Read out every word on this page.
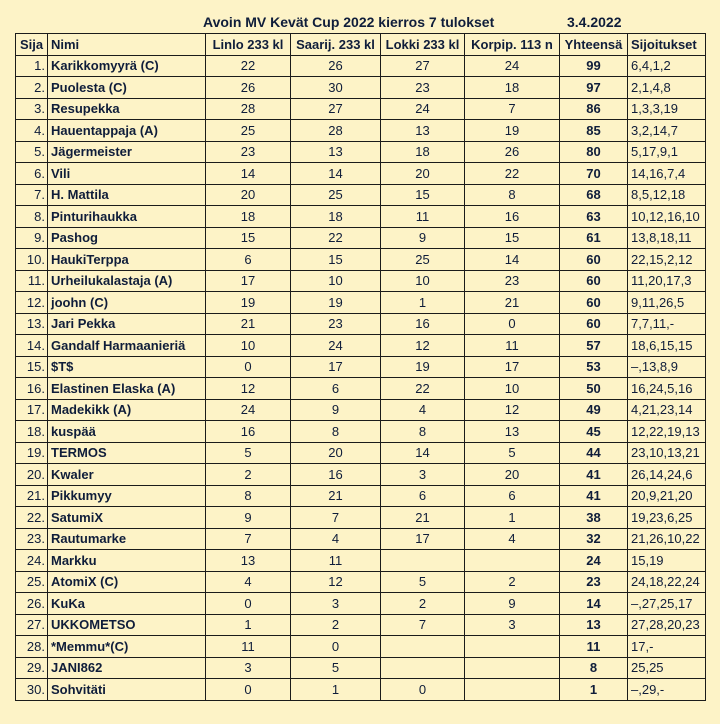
Avoin MV Kevät Cup 2022 kierros 7 tulokset	3.4.2022
Sija	Nimi	Linlo 233 kl	Saarij. 233 kl	Lokki 233 kl	Korpip. 113 n	Yhteensä	Sijoitukset
1.	Karikkomyyrä (C)	22	26	27	24	99	6,4,1,2
2.	Puolesta (C)	26	30	23	18	97	2,1,4,8
3.	Resupekka	28	27	24	7	86	1,3,3,19
4.	Hauentappaja (A)	25	28	13	19	85	3,2,14,7
5.	Jägermeister	23	13	18	26	80	5,17,9,1
6.	Vili	14	14	20	22	70	14,16,7,4
7.	H. Mattila	20	25	15	8	68	8,5,12,18
8.	Pinturihaukka	18	18	11	16	63	10,12,16,10
9.	Pashog	15	22	9	15	61	13,8,18,11
10.	HaukiTerppa	6	15	25	14	60	22,15,2,12
11.	Urheilukalastaja (A)	17	10	10	23	60	11,20,17,3
12.	joohn (C)	19	19	1	21	60	9,11,26,5
13.	Jari Pekka	21	23	16	0	60	7,7,11,-
14.	Gandalf Harmaanieriä	10	24	12	11	57	18,6,15,15
15.	$T$	0	17	19	17	53	–,13,8,9
16.	Elastinen Elaska (A)	12	6	22	10	50	16,24,5,16
17.	Madekikk (A)	24	9	4	12	49	4,21,23,14
18.	kuspää	16	8	8	13	45	12,22,19,13
19.	TERMOS	5	20	14	5	44	23,10,13,21
20.	Kwaler	2	16	3	20	41	26,14,24,6
21.	Pikkumyy	8	21	6	6	41	20,9,21,20
22.	SatumiX	9	7	21	1	38	19,23,6,25
23.	Rautumarke	7	4	17	4	32	21,26,10,22
24.	Markku	13	11			24	15,19
25.	AtomiX (C)	4	12	5	2	23	24,18,22,24
26.	KuKa	0	3	2	9	14	–,27,25,17
27.	UKKOMETSO	1	2	7	3	13	27,28,20,23
28.	*Memmu*(C)	11	0			11	17,-
29.	JANI862	3	5			8	25,25
30.	Sohvitäti	0	1	0		1	–,29,-
